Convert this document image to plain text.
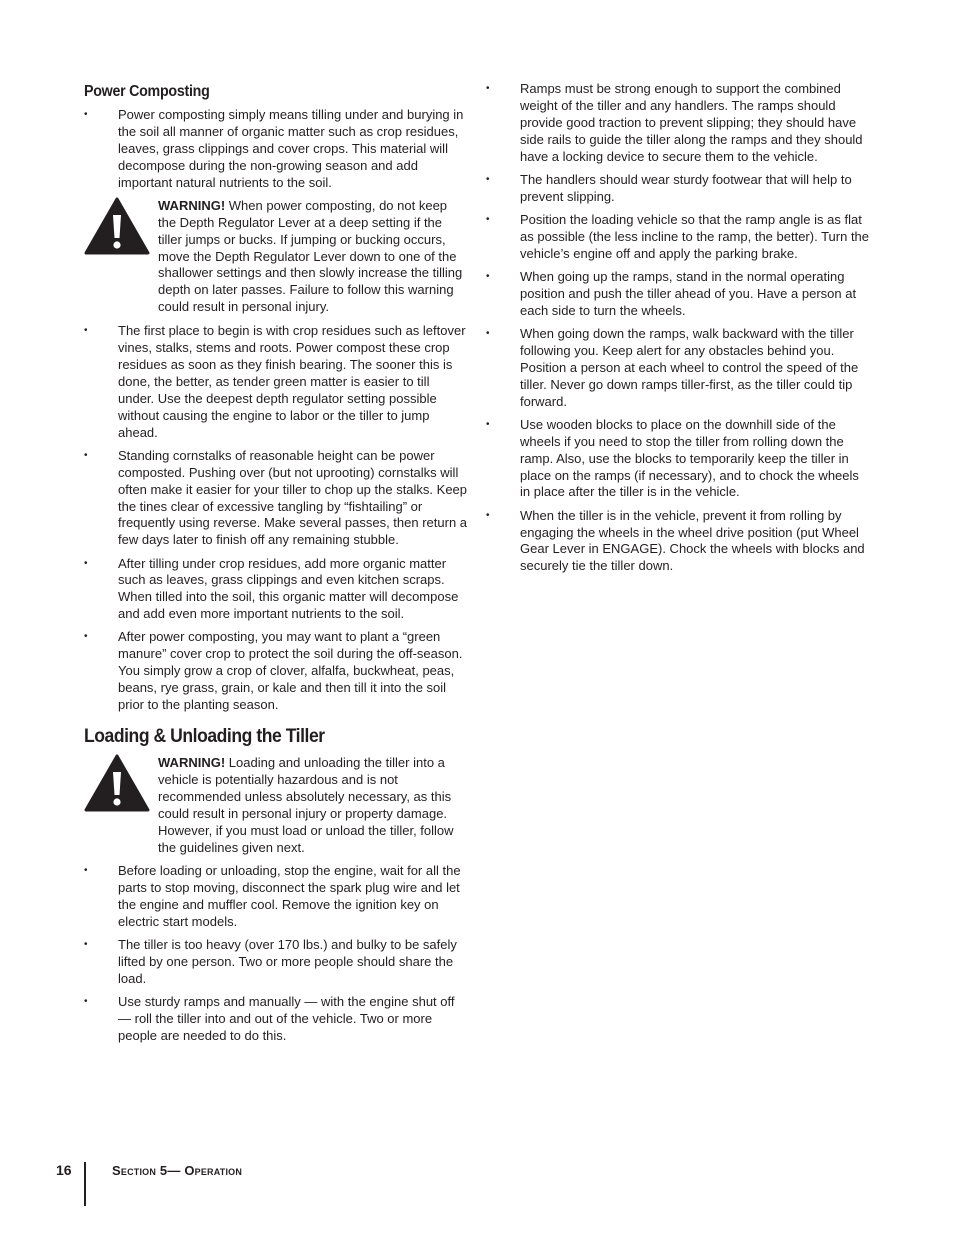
Power Composting
• Power composting simply means tilling under and burying in the soil all manner of organic matter such as crop residues, leaves, grass clippings and cover crops. This material will decompose during the non-growing season and add important natural nutrients to the soil.
WARNING! When power composting, do not keep the Depth Regulator Lever at a deep setting if the tiller jumps or bucks. If jumping or bucking occurs, move the Depth Regulator Lever down to one of the shallower settings and then slowly increase the tilling depth on later passes. Failure to follow this warning could result in personal injury.
• The first place to begin is with crop residues such as leftover vines, stalks, stems and roots. Power compost these crop residues as soon as they finish bearing. The sooner this is done, the better, as tender green matter is easier to till under. Use the deepest depth regulator setting possible without causing the engine to labor or the tiller to jump ahead.
• Standing cornstalks of reasonable height can be power composted. Pushing over (but not uprooting) cornstalks will often make it easier for your tiller to chop up the stalks. Keep the tines clear of excessive tangling by “fishtailing” or frequently using reverse. Make several passes, then return a few days later to finish off any remaining stubble.
• After tilling under crop residues, add more organic matter such as leaves, grass clippings and even kitchen scraps. When tilled into the soil, this organic matter will decompose and add even more important nutrients to the soil.
• After power composting, you may want to plant a “green manure” cover crop to protect the soil during the off-season. You simply grow a crop of clover, alfalfa, buckwheat, peas, beans, rye grass, grain, or kale and then till it into the soil prior to the planting season.
Loading & Unloading the Tiller
WARNING! Loading and unloading the tiller into a vehicle is potentially hazardous and is not recommended unless absolutely necessary, as this could result in personal injury or property damage. However, if you must load or unload the tiller, follow the guidelines given next.
• Before loading or unloading, stop the engine, wait for all the parts to stop moving, disconnect the spark plug wire and let the engine and muffler cool. Remove the ignition key on electric start models.
• The tiller is too heavy (over 170 lbs.) and bulky to be safely lifted by one person. Two or more people should share the load.
• Use sturdy ramps and manually — with the engine shut off — roll the tiller into and out of the vehicle. Two or more people are needed to do this.
• Ramps must be strong enough to support the combined weight of the tiller and any handlers. The ramps should provide good traction to prevent slipping; they should have side rails to guide the tiller along the ramps and they should have a locking device to secure them to the vehicle.
• The handlers should wear sturdy footwear that will help to prevent slipping.
• Position the loading vehicle so that the ramp angle is as flat as possible (the less incline to the ramp, the better). Turn the vehicle’s engine off and apply the parking brake.
• When going up the ramps, stand in the normal operating position and push the tiller ahead of you. Have a person at each side to turn the wheels.
• When going down the ramps, walk backward with the tiller following you. Keep alert for any obstacles behind you. Position a person at each wheel to control the speed of the tiller. Never go down ramps tiller-first, as the tiller could tip forward.
• Use wooden blocks to place on the downhill side of the wheels if you need to stop the tiller from rolling down the ramp. Also, use the blocks to temporarily keep the tiller in place on the ramps (if necessary), and to chock the wheels in place after the tiller is in the vehicle.
• When the tiller is in the vehicle, prevent it from rolling by engaging the wheels in the wheel drive position (put Wheel Gear Lever in ENGAGE). Chock the wheels with blocks and securely tie the tiller down.
16	Section 5— Operation
